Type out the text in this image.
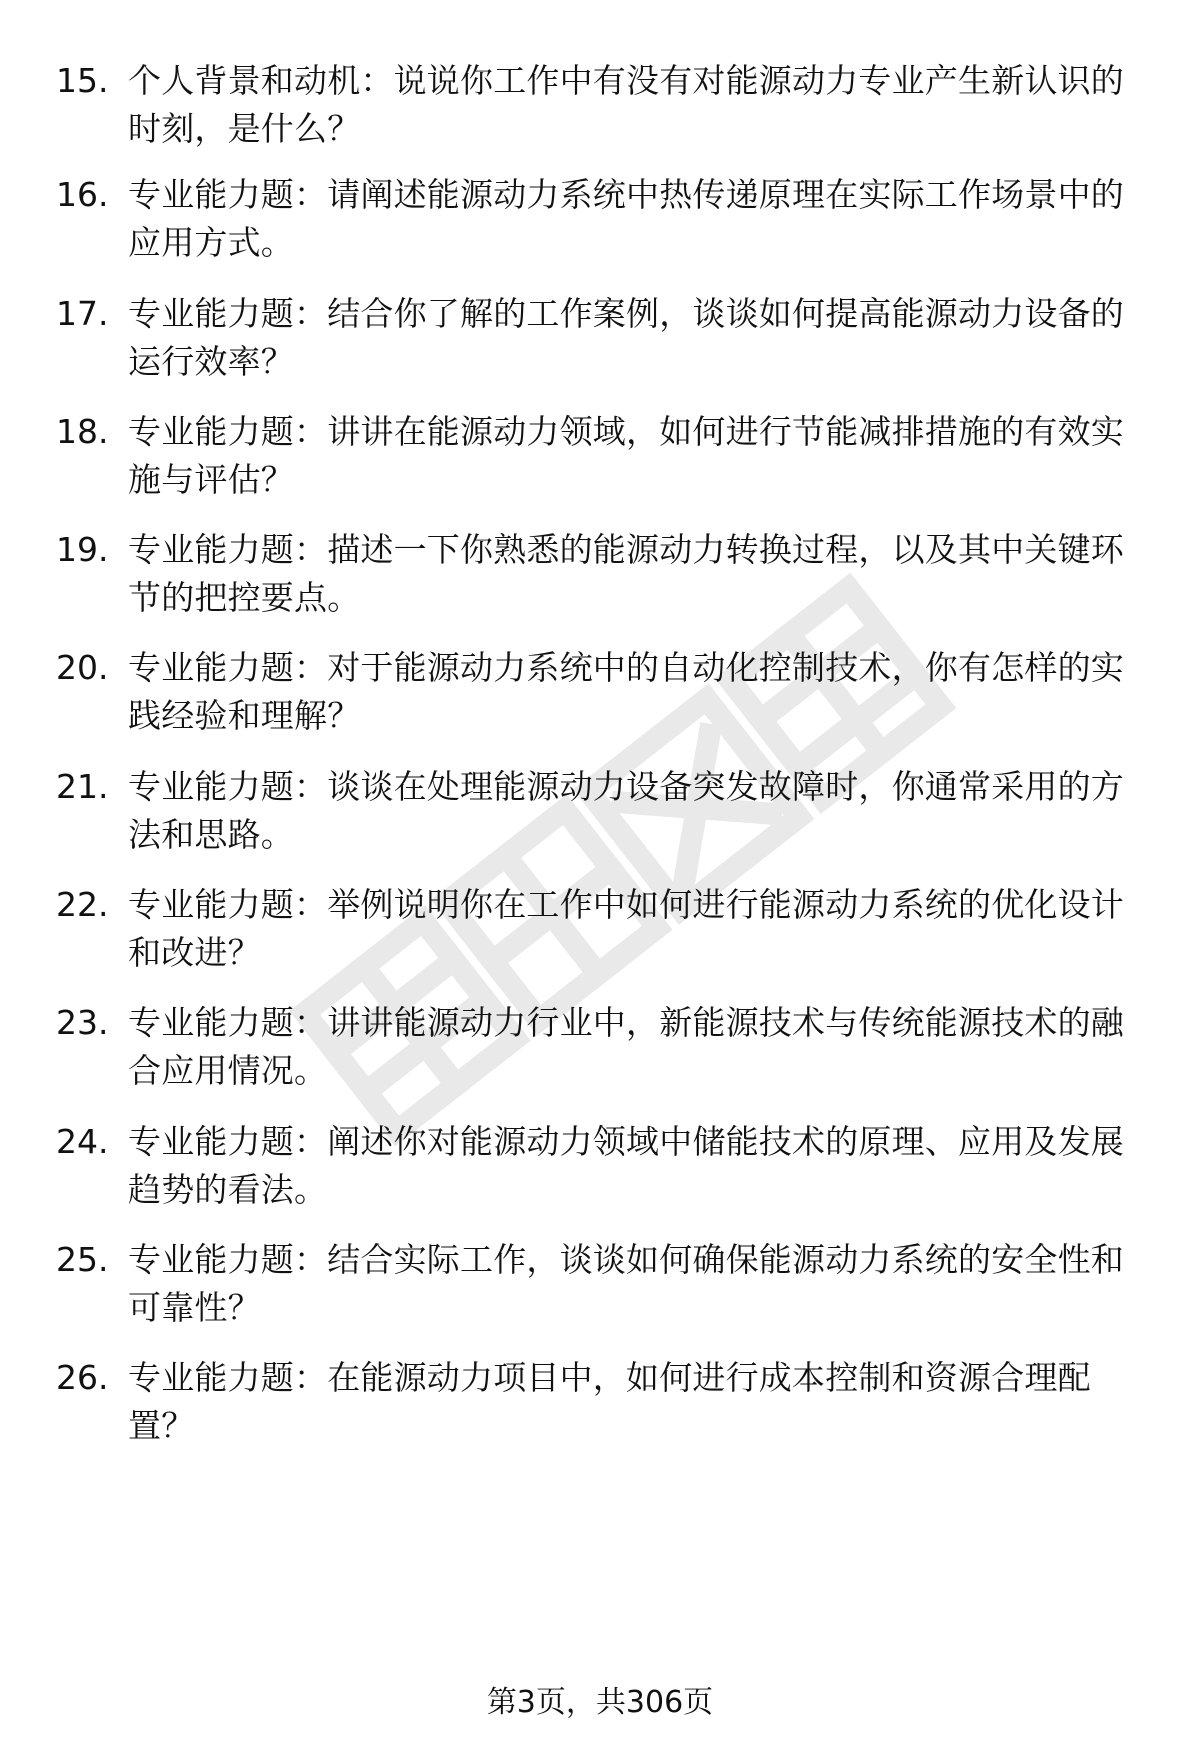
15. 个人背景和动机：说说你工作中有没有对能源动力专业产生新认识的时刻，是什么？
16. 专业能力题：请阐述能源动力系统中热传递原理在实际工作场景中的应用方式。
17. 专业能力题：结合你了解的工作案例，谈谈如何提高能源动力设备的运行效率？
18. 专业能力题：讲讲在能源动力领域，如何进行节能减排措施的有效实施与评估？
19. 专业能力题：描述一下你熟悉的能源动力转换过程，以及其中关键环节的把控要点。
20. 专业能力题：对于能源动力系统中的自动化控制技术，你有怎样的实践经验和理解？
21. 专业能力题：谈谈在处理能源动力设备突发故障时，你通常采用的方法和思路。
22. 专业能力题：举例说明你在工作中如何进行能源动力系统的优化设计和改进？
23. 专业能力题：讲讲能源动力行业中，新能源技术与传统能源技术的融合应用情况。
24. 专业能力题：阐述你对能源动力领域中储能技术的原理、应用及发展趋势的看法。
25. 专业能力题：结合实际工作，谈谈如何确保能源动力系统的安全性和可靠性？
26. 专业能力题：在能源动力项目中，如何进行成本控制和资源合理配置？
第3页，共306页
